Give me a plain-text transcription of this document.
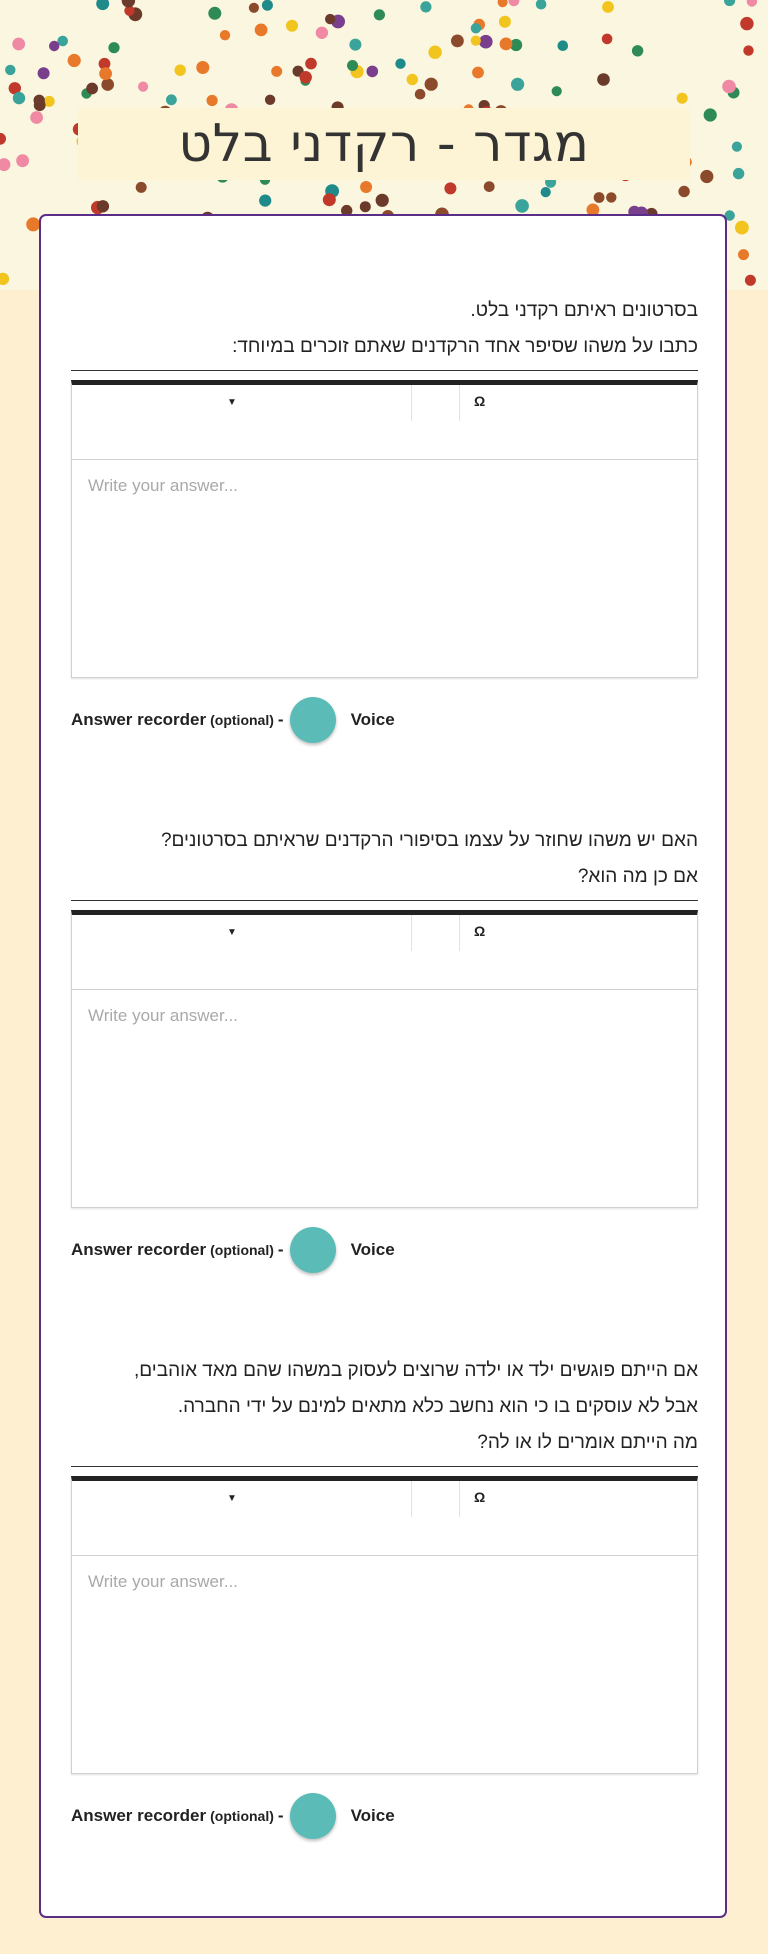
מגדר - רקדני בלט

בסרטונים ראיתם רקדני בלט.

כתבו על משהו שסיפר אחד הרקדנים שאתם זוכרים במיוחד:

▼	Ω
Write your answer...
Answer recorder (optional) -	Voice

האם יש משהו שחוזר על עצמו בסיפורי הרקדנים שראיתם בסרטונים?

אם כן מה הוא?

▼	Ω
Write your answer...
Answer recorder (optional) -	Voice

אם הייתם פוגשים ילד או ילדה שרוצים לעסוק במשהו שהם מאד אוהבים,

אבל לא עוסקים בו כי הוא נחשב כלא מתאים למינם על ידי החברה.

מה הייתם אומרים לו או לה?

▼	Ω
Write your answer...
Answer recorder (optional) -	Voice
